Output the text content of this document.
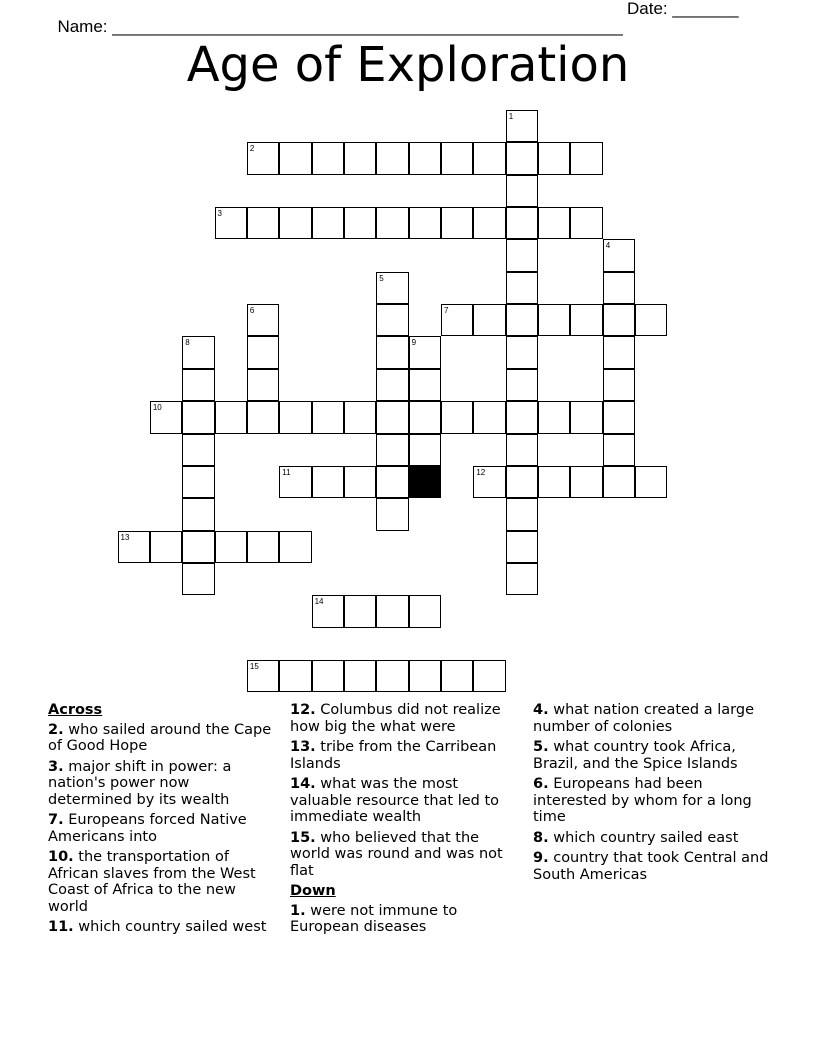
Name: ______________________________________________________

Date: _______

Age of Exploration
2
3
7
10
11	12
13
14
15
1
4
5
6
8	9
Across
2. who sailed around the Cape of Good Hope
3. major shift in power: a nation's power now determined by its wealth
7. Europeans forced Native Americans into
10. the transportation of African slaves from the West Coast of Africa to the new world
11. which country sailed west
12. Columbus did not realize how big the what were
13. tribe from the Carribean Islands
14. what was the most valuable resource that led to immediate wealth
15. who believed that the world was round and was not flat
Down
1. were not immune to European diseases
4. what nation created a large number of colonies
5. what country took Africa, Brazil, and the Spice Islands
6. Europeans had been interested by whom for a long time
8. which country sailed east
9. country that took Central and South Americas
